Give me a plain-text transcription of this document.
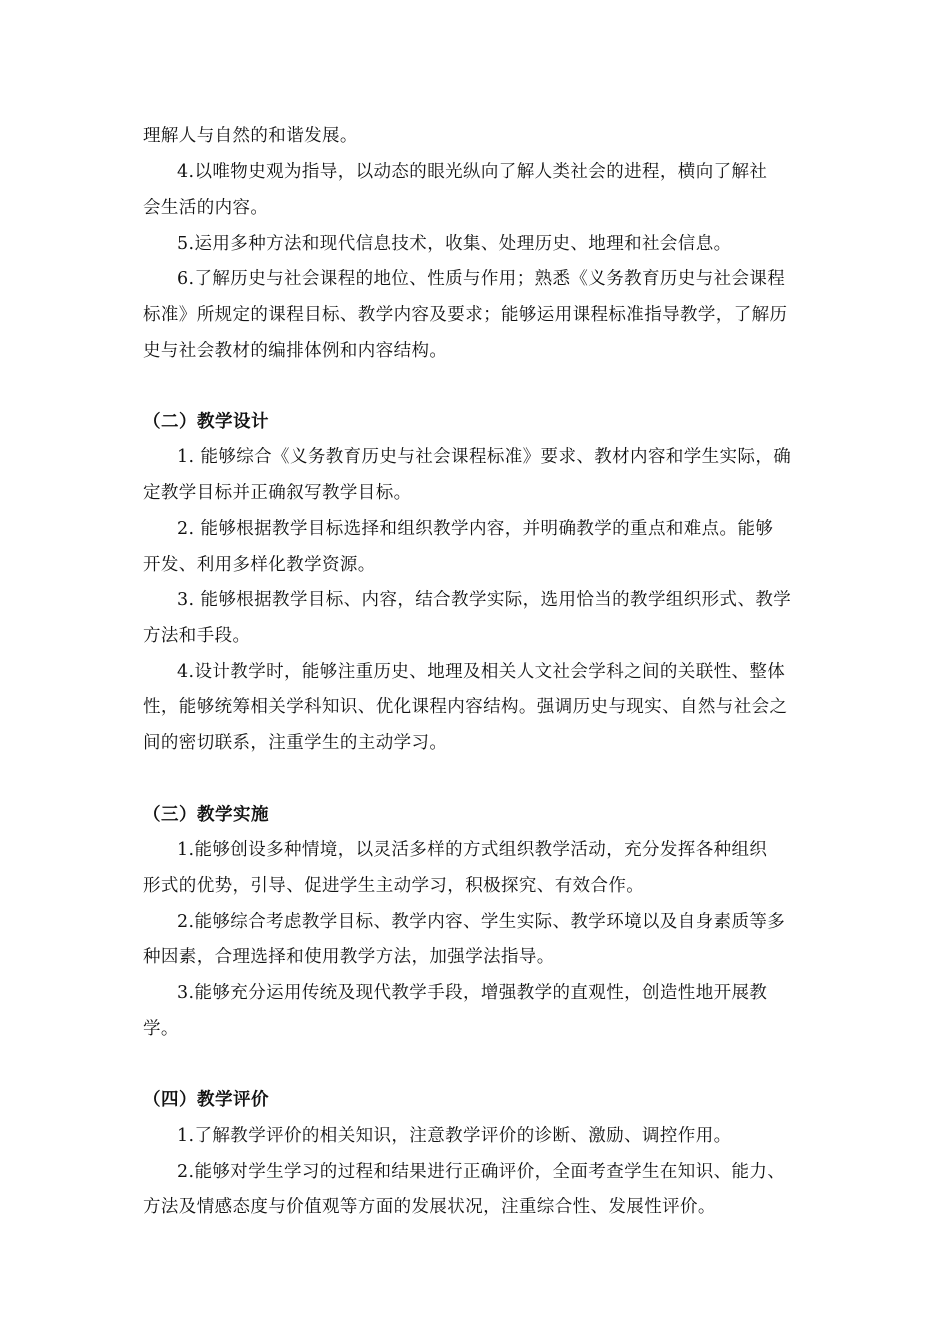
理解人与自然的和谐发展。
4.以唯物史观为指导，以动态的眼光纵向了解人类社会的进程，横向了解社
会生活的内容。
5.运用多种方法和现代信息技术，收集、处理历史、地理和社会信息。
6.了解历史与社会课程的地位、性质与作用；熟悉《义务教育历史与社会课程
标准》所规定的课程目标、教学内容及要求；能够运用课程标准指导教学，了解历
史与社会教材的编排体例和内容结构。
（二）教学设计
1. 能够综合《义务教育历史与社会课程标准》要求、教材内容和学生实际，确
定教学目标并正确叙写教学目标。
2. 能够根据教学目标选择和组织教学内容，并明确教学的重点和难点。能够
开发、利用多样化教学资源。
3. 能够根据教学目标、内容，结合教学实际，选用恰当的教学组织形式、教学
方法和手段。
4.设计教学时，能够注重历史、地理及相关人文社会学科之间的关联性、整体
性，能够统筹相关学科知识、优化课程内容结构。强调历史与现实、自然与社会之
间的密切联系，注重学生的主动学习。
（三）教学实施
1.能够创设多种情境，以灵活多样的方式组织教学活动，充分发挥各种组织
形式的优势，引导、促进学生主动学习，积极探究、有效合作。
2.能够综合考虑教学目标、教学内容、学生实际、教学环境以及自身素质等多
种因素，合理选择和使用教学方法，加强学法指导。
3.能够充分运用传统及现代教学手段，增强教学的直观性，创造性地开展教
学。
（四）教学评价
1.了解教学评价的相关知识，注意教学评价的诊断、激励、调控作用。
2.能够对学生学习的过程和结果进行正确评价，全面考查学生在知识、能力、
方法及情感态度与价值观等方面的发展状况，注重综合性、发展性评价。
